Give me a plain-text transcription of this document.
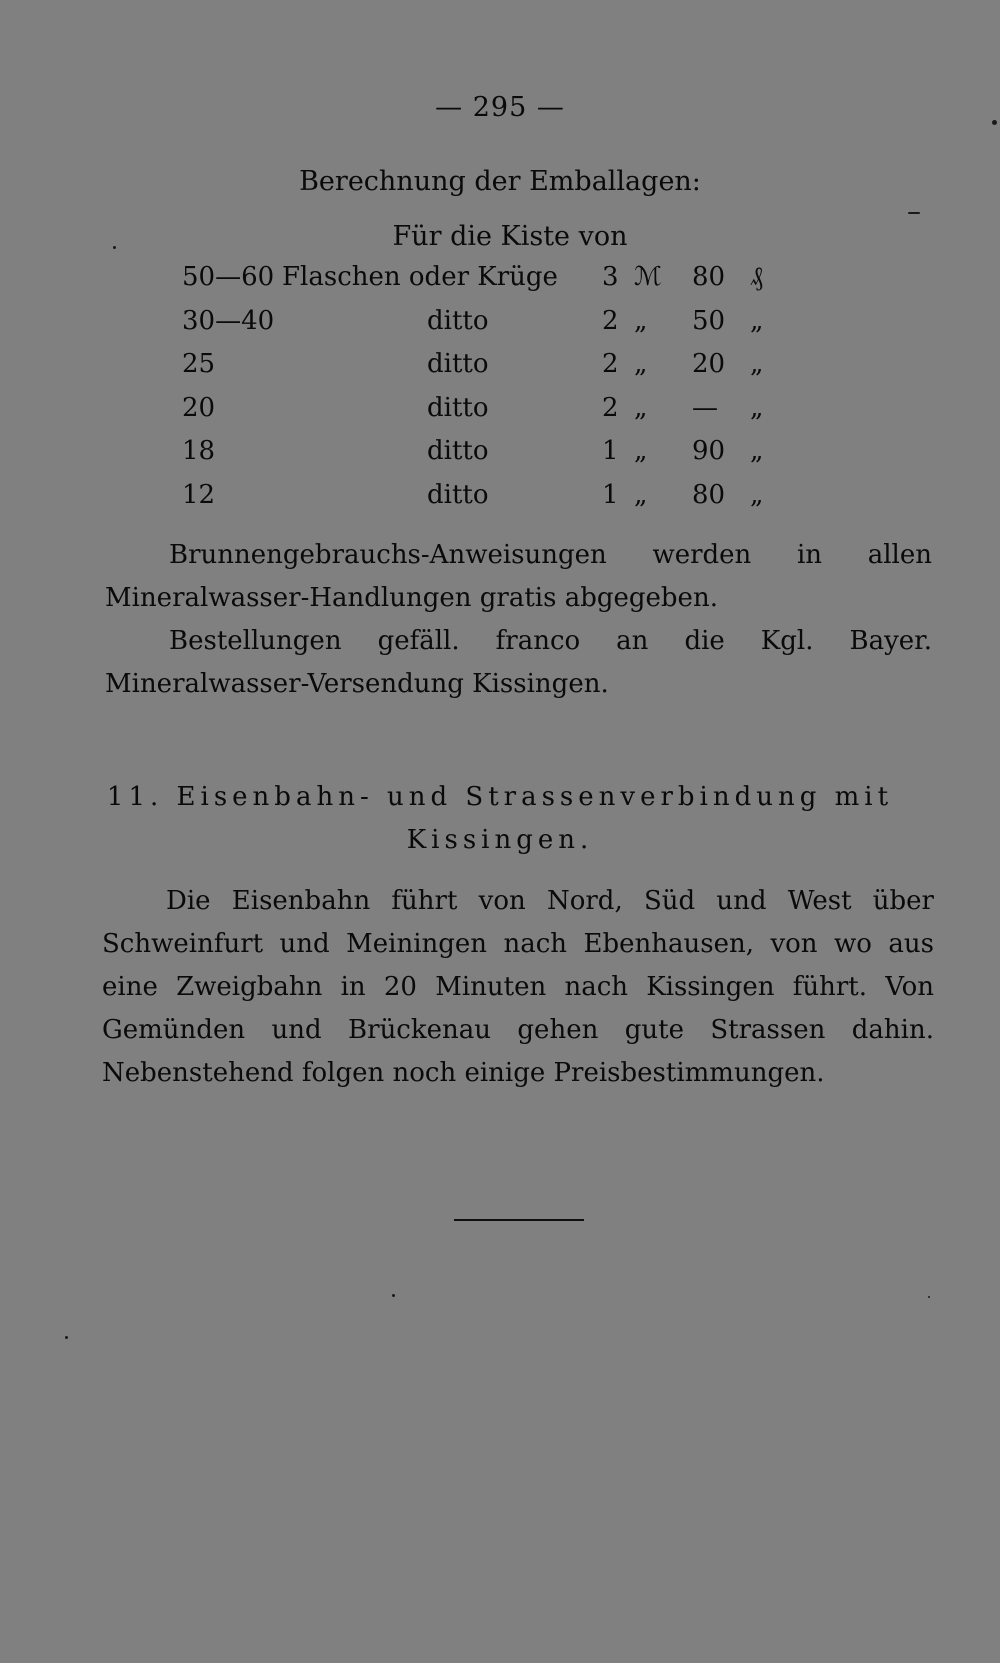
— 295 —
Berechnung der Emballagen:
Für die Kiste von
50—60 Flaschen oder Krüge 3 ℳ 80 ₰
30—40	ditto	2 „ 50 „
25	ditto	2 „ 20 „
20	ditto	2 „ — „
18	ditto	1 „ 90 „
12	ditto	1 „ 80 „
Brunnengebrauchs-Anweisungen werden in allen Mineralwasser-Handlungen gratis abgegeben.
Bestellungen gefäll. franco an die Kgl. Bayer. Mineralwasser-Versendung Kissingen.
11. Eisenbahn- und Strassenverbindung mit
Kissingen.
Die Eisenbahn führt von Nord, Süd und West über Schweinfurt und Meiningen nach Ebenhausen, von wo aus eine Zweigbahn in 20 Minuten nach Kissingen führt. Von Gemünden und Brückenau gehen gute Strassen dahin. Nebenstehend folgen noch einige Preisbestimmungen.
